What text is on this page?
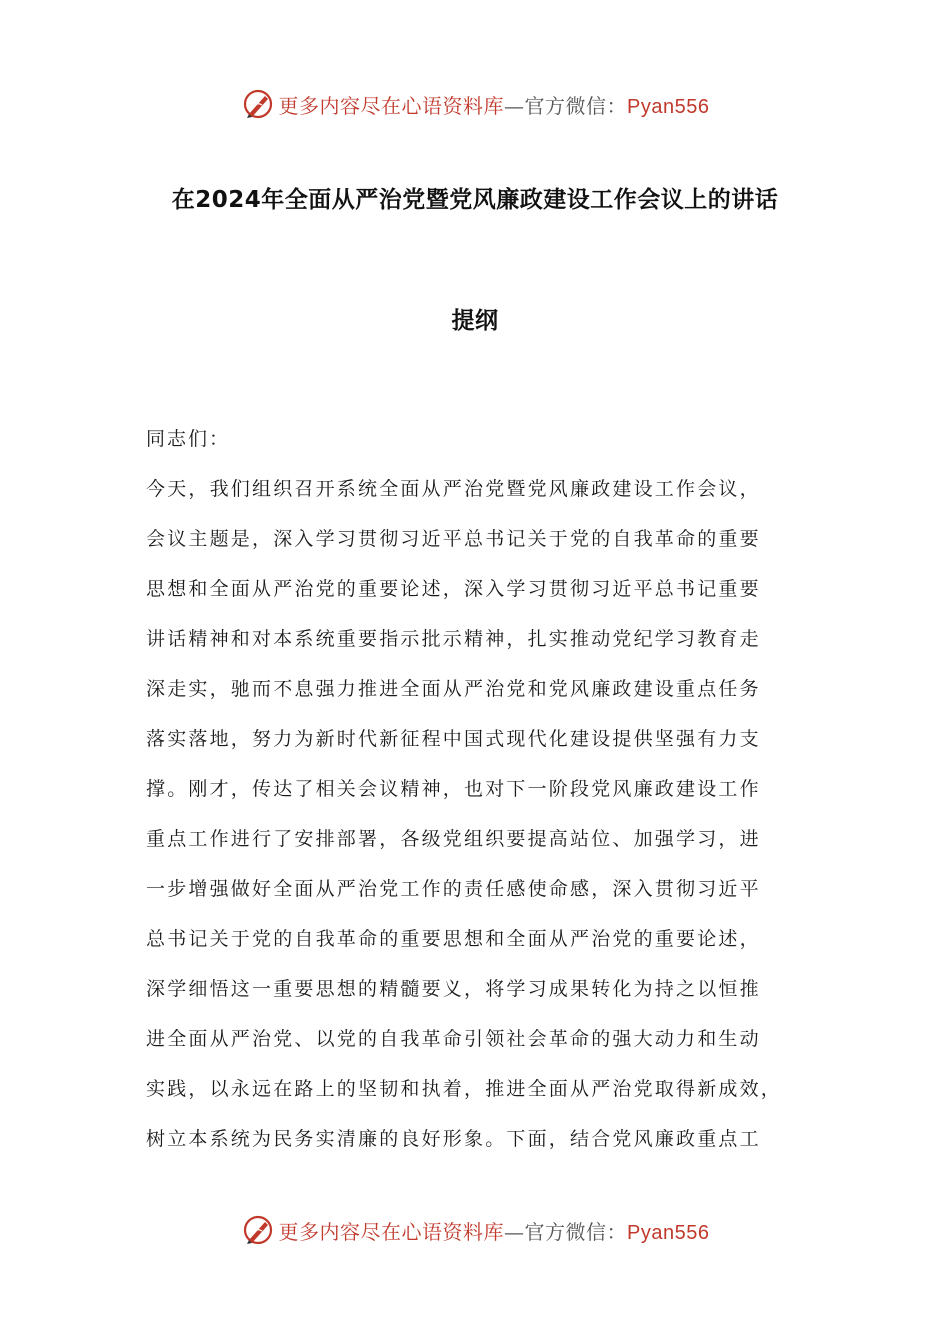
更多内容尽在心语资料库—官方微信：Pyan556
在2024年全面从严治党暨党风廉政建设工作会议上的讲话
提纲
同志们：
今天，我们组织召开系统全面从严治党暨党风廉政建设工作会议，
会议主题是，深入学习贯彻习近平总书记关于党的自我革命的重要
思想和全面从严治党的重要论述，深入学习贯彻习近平总书记重要
讲话精神和对本系统重要指示批示精神，扎实推动党纪学习教育走
深走实，驰而不息强力推进全面从严治党和党风廉政建设重点任务
落实落地，努力为新时代新征程中国式现代化建设提供坚强有力支
撑。刚才，传达了相关会议精神，也对下一阶段党风廉政建设工作
重点工作进行了安排部署，各级党组织要提高站位、加强学习，进
一步增强做好全面从严治党工作的责任感使命感，深入贯彻习近平
总书记关于党的自我革命的重要思想和全面从严治党的重要论述，
深学细悟这一重要思想的精髓要义，将学习成果转化为持之以恒推
进全面从严治党、以党的自我革命引领社会革命的强大动力和生动
实践，以永远在路上的坚韧和执着，推进全面从严治党取得新成效，
树立本系统为民务实清廉的良好形象。下面，结合党风廉政重点工
更多内容尽在心语资料库—官方微信：Pyan556
